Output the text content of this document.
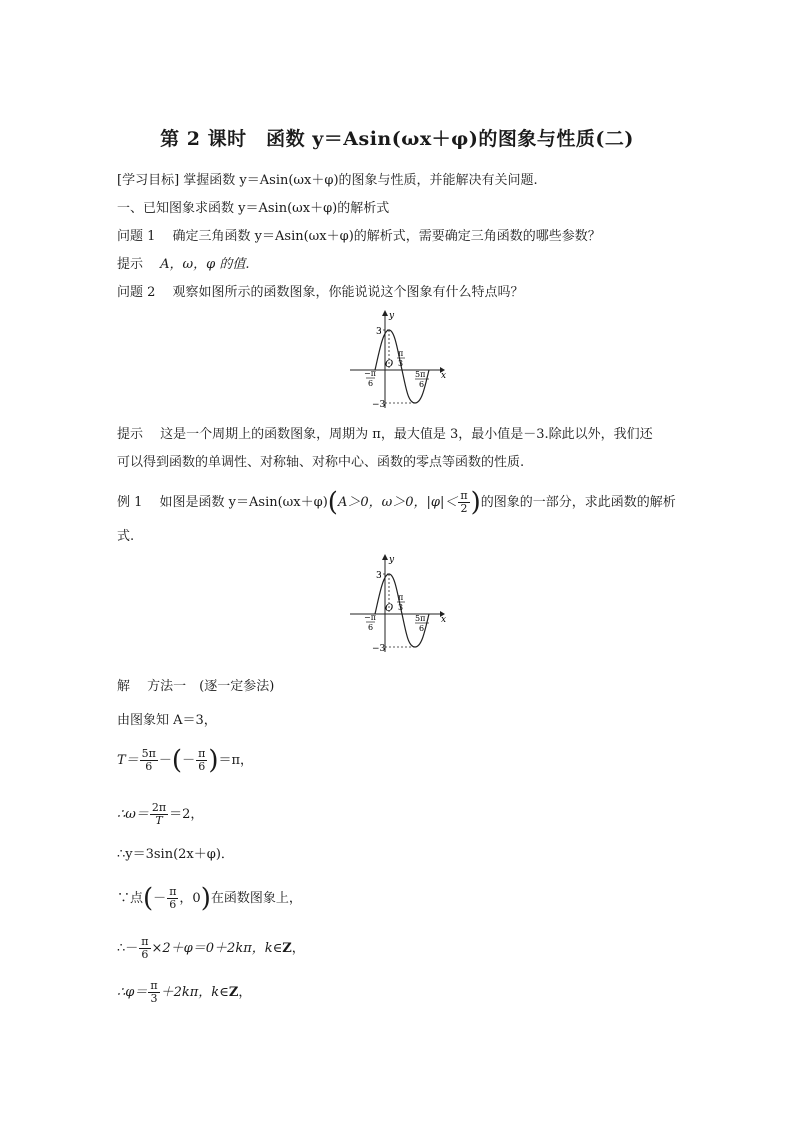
第 2 课时　函数 y＝Asin(ωx＋φ)的图象与性质(二)
[学习目标] 掌握函数 y＝Asin(ωx＋φ)的图象与性质，并能解决有关问题.
一、已知图象求函数 y＝Asin(ωx＋φ)的解析式
问题 1　 确定三角函数 y＝Asin(ωx＋φ)的解析式，需要确定三角函数的哪些参数？
提示　 A，ω，φ 的值.
问题 2　 观察如图所示的函数图象，你能说说这个图象有什么特点吗？
y
x
O
3
−3
−π
6
π
3
5π
6
提示　 这是一个周期上的函数图象，周期为 π，最大值是 3，最小值是－3.除此以外，我们还
可以得到函数的单调性、对称轴、对称中心、函数的零点等函数的性质.
例 1　 如图是函数 y＝Asin(ωx＋φ)(A＞0，ω＞0，$|\varphi|< \frac{\pi}{2}$ )的图象的一部分，求此函数的解析
式.
y
x
O
3
−3
−π
6
π
3
5π
6
解　 方法一　(逐一定参法)
由图象知 A＝3，
$T= \frac{5\pi}{6}$ －(－ $\frac{\pi}{6} )=\pi$，
∴ω＝ $\frac{2\pi}{T} =2$，
∴y＝3sin(2x＋φ)．
∵点(－ $\frac{\pi}{6}$ ，0)在函数图象上，
∴－ $\frac{\pi}{6} \times 2+\varphi=0+2k\pi$，k∈Z，
∴φ＝ $\frac{\pi}{3} +2k\pi$，k∈Z，
